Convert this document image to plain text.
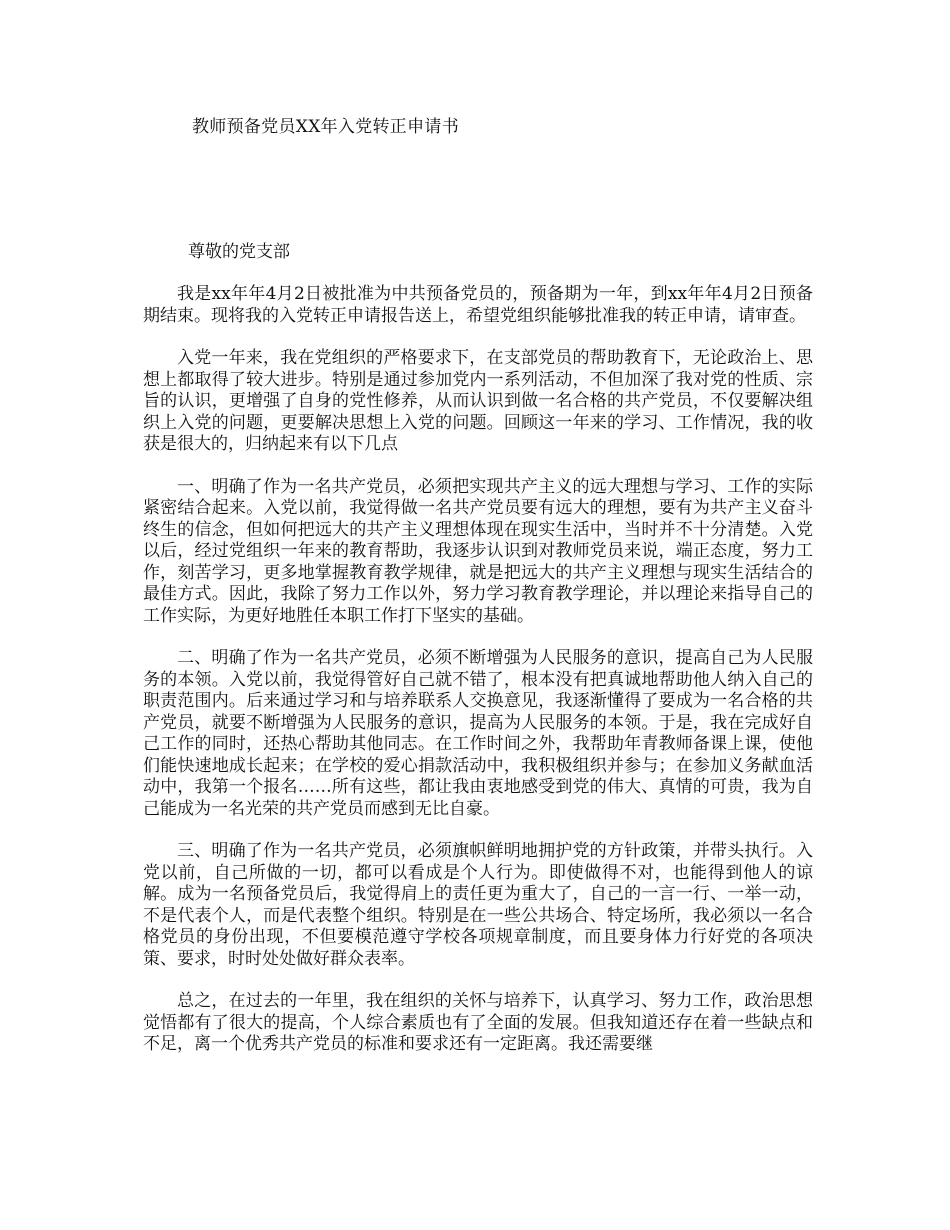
教师预备党员XX年入党转正申请书
尊敬的党支部

我是xx年年4月2日被批准为中共预备党员的，预备期为一年，到xx年年4月2日预备期结束。现将我的入党转正申请报告送上，希望党组织能够批准我的转正申请，请审查。

入党一年来，我在党组织的严格要求下，在支部党员的帮助教育下，无论政治上、思想上都取得了较大进步。特别是通过参加党内一系列活动，不但加深了我对党的性质、宗旨的认识，更增强了自身的党性修养，从而认识到做一名合格的共产党员，不仅要解决组织上入党的问题，更要解决思想上入党的问题。回顾这一年来的学习、工作情况，我的收获是很大的，归纳起来有以下几点

一、明确了作为一名共产党员，必须把实现共产主义的远大理想与学习、工作的实际紧密结合起来。入党以前，我觉得做一名共产党员要有远大的理想，要有为共产主义奋斗终生的信念，但如何把远大的共产主义理想体现在现实生活中，当时并不十分清楚。入党以后，经过党组织一年来的教育帮助，我逐步认识到对教师党员来说，端正态度，努力工作，刻苦学习，更多地掌握教育教学规律，就是把远大的共产主义理想与现实生活结合的最佳方式。因此，我除了努力工作以外，努力学习教育教学理论，并以理论来指导自己的工作实际，为更好地胜任本职工作打下坚实的基础。

二、明确了作为一名共产党员，必须不断增强为人民服务的意识，提高自己为人民服务的本领。入党以前，我觉得管好自己就不错了，根本没有把真诚地帮助他人纳入自己的职责范围内。后来通过学习和与培养联系人交换意见，我逐渐懂得了要成为一名合格的共产党员，就要不断增强为人民服务的意识，提高为人民服务的本领。于是，我在完成好自己工作的同时，还热心帮助其他同志。在工作时间之外，我帮助年青教师备课上课，使他们能快速地成长起来；在学校的爱心捐款活动中，我积极组织并参与；在参加义务献血活动中，我第一个报名……所有这些，都让我由衷地感受到党的伟大、真情的可贵，我为自己能成为一名光荣的共产党员而感到无比自豪。

三、明确了作为一名共产党员，必须旗帜鲜明地拥护党的方针政策，并带头执行。入党以前，自己所做的一切，都可以看成是个人行为。即使做得不对，也能得到他人的谅解。成为一名预备党员后，我觉得肩上的责任更为重大了，自己的一言一行、一举一动，不是代表个人，而是代表整个组织。特别是在一些公共场合、特定场所，我必须以一名合格党员的身份出现，不但要模范遵守学校各项规章制度，而且要身体力行好党的各项决策、要求，时时处处做好群众表率。

总之，在过去的一年里，我在组织的关怀与培养下，认真学习、努力工作，政治思想觉悟都有了很大的提高，个人综合素质也有了全面的发展。但我知道还存在着一些缺点和不足，离一个优秀共产党员的标准和要求还有一定距离。我还需要继
